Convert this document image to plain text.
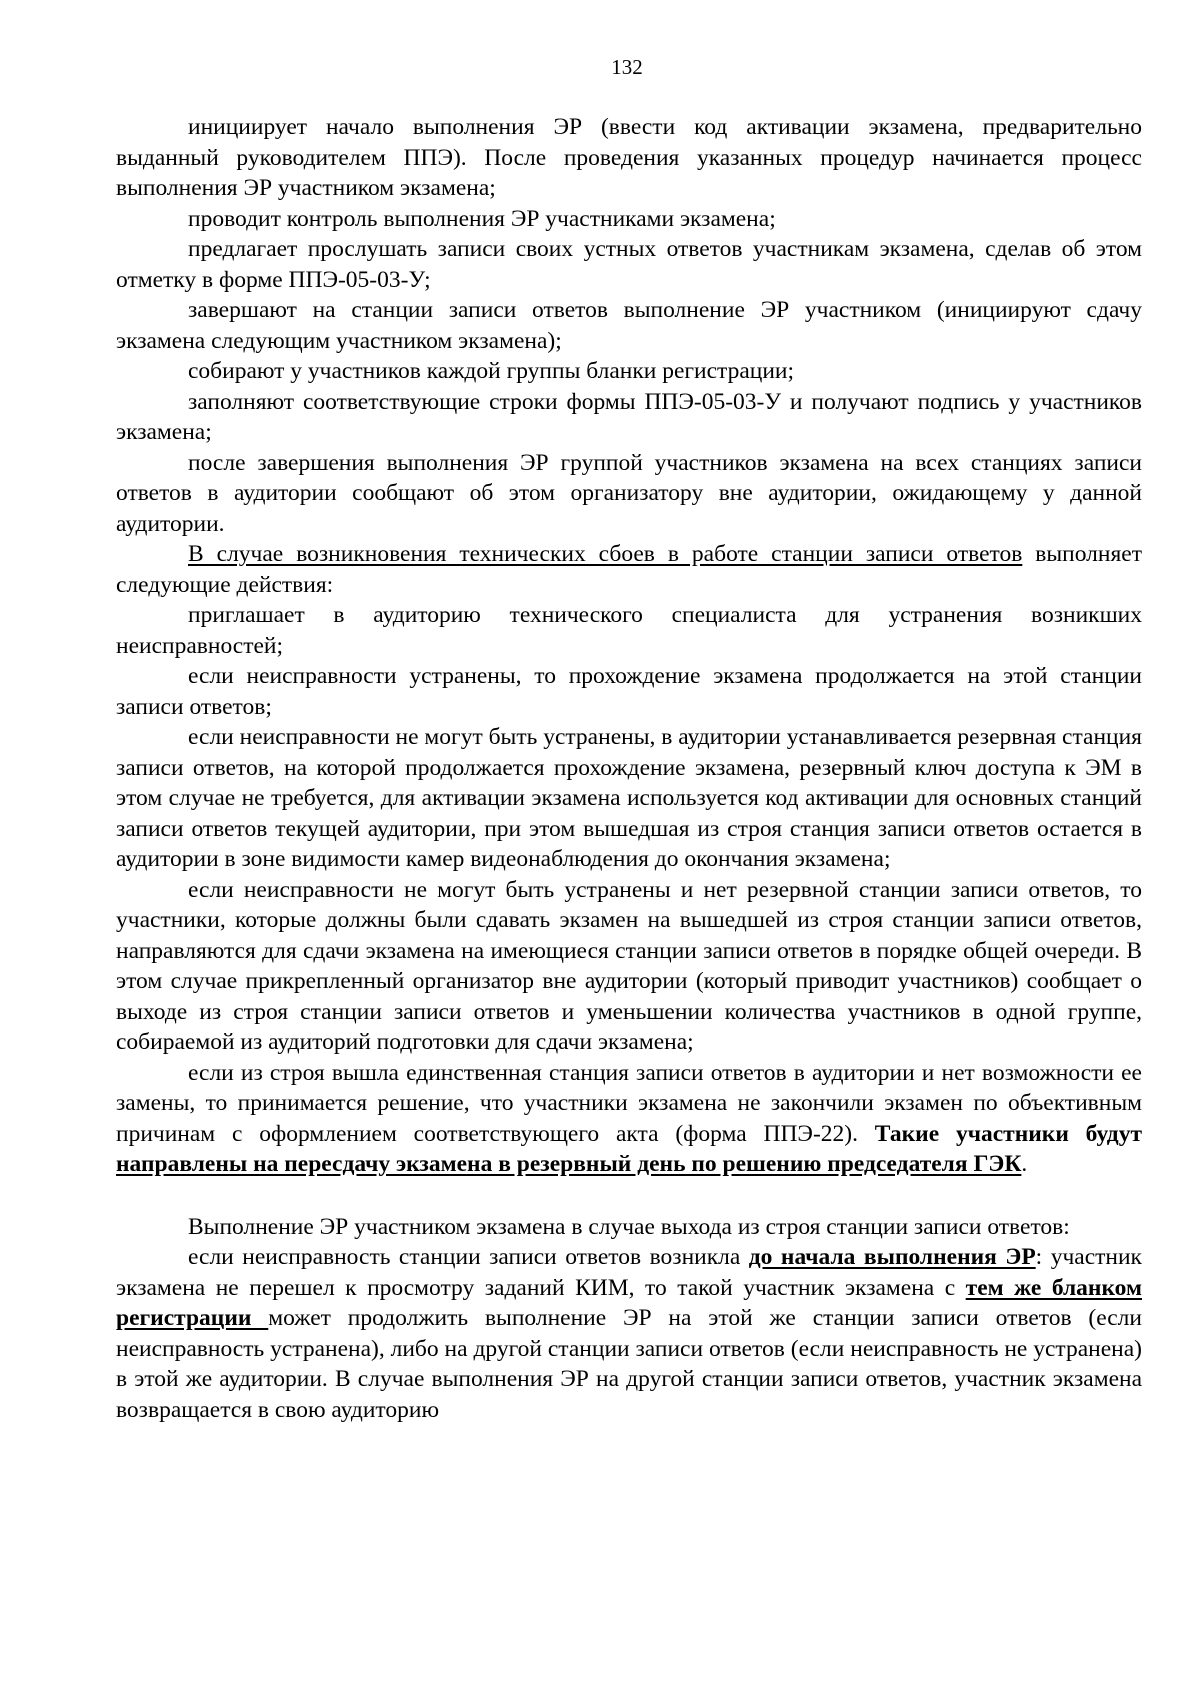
132

инициирует начало выполнения ЭР (ввести код активации экзамена, предварительно выданный руководителем ППЭ). После проведения указанных процедур начинается процесс выполнения ЭР участником экзамена;

проводит контроль выполнения ЭР участниками экзамена;

предлагает прослушать записи своих устных ответов участникам экзамена, сделав об этом отметку в форме ППЭ-05-03-У;

завершают на станции записи ответов выполнение ЭР участником (инициируют сдачу экзамена следующим участником экзамена);

собирают у участников каждой группы бланки регистрации;

заполняют соответствующие строки формы ППЭ-05-03-У и получают подпись у участников экзамена;

после завершения выполнения ЭР группой участников экзамена на всех станциях записи ответов в аудитории сообщают об этом организатору вне аудитории, ожидающему у данной аудитории.

В случае возникновения технических сбоев в работе станции записи ответов выполняет следующие действия:

приглашает в аудиторию технического специалиста для устранения возникших неисправностей;

если неисправности устранены, то прохождение экзамена продолжается на этой станции записи ответов;

если неисправности не могут быть устранены, в аудитории устанавливается резервная станция записи ответов, на которой продолжается прохождение экзамена, резервный ключ доступа к ЭМ в этом случае не требуется, для активации экзамена используется код активации для основных станций записи ответов текущей аудитории, при этом вышедшая из строя станция записи ответов остается в аудитории в зоне видимости камер видеонаблюдения до окончания экзамена;

если неисправности не могут быть устранены и нет резервной станции записи ответов, то участники, которые должны были сдавать экзамен на вышедшей из строя станции записи ответов, направляются для сдачи экзамена на имеющиеся станции записи ответов в порядке общей очереди. В этом случае прикрепленный организатор вне аудитории (который приводит участников) сообщает о выходе из строя станции записи ответов и уменьшении количества участников в одной группе, собираемой из аудиторий подготовки для сдачи экзамена;

если из строя вышла единственная станция записи ответов в аудитории и нет возможности ее замены, то принимается решение, что участники экзамена не закончили экзамен по объективным причинам с оформлением соответствующего акта (форма ППЭ-22). Такие участники будут направлены на пересдачу экзамена в резервный день по решению председателя ГЭК.

Выполнение ЭР участником экзамена в случае выхода из строя станции записи ответов:

если неисправность станции записи ответов возникла до начала выполнения ЭР: участник экзамена не перешел к просмотру заданий КИМ, то такой участник экзамена с тем же бланком регистрации может продолжить выполнение ЭР на этой же станции записи ответов (если неисправность устранена), либо на другой станции записи ответов (если неисправность не устранена) в этой же аудитории. В случае выполнения ЭР на другой станции записи ответов, участник экзамена возвращается в свою аудиторию
